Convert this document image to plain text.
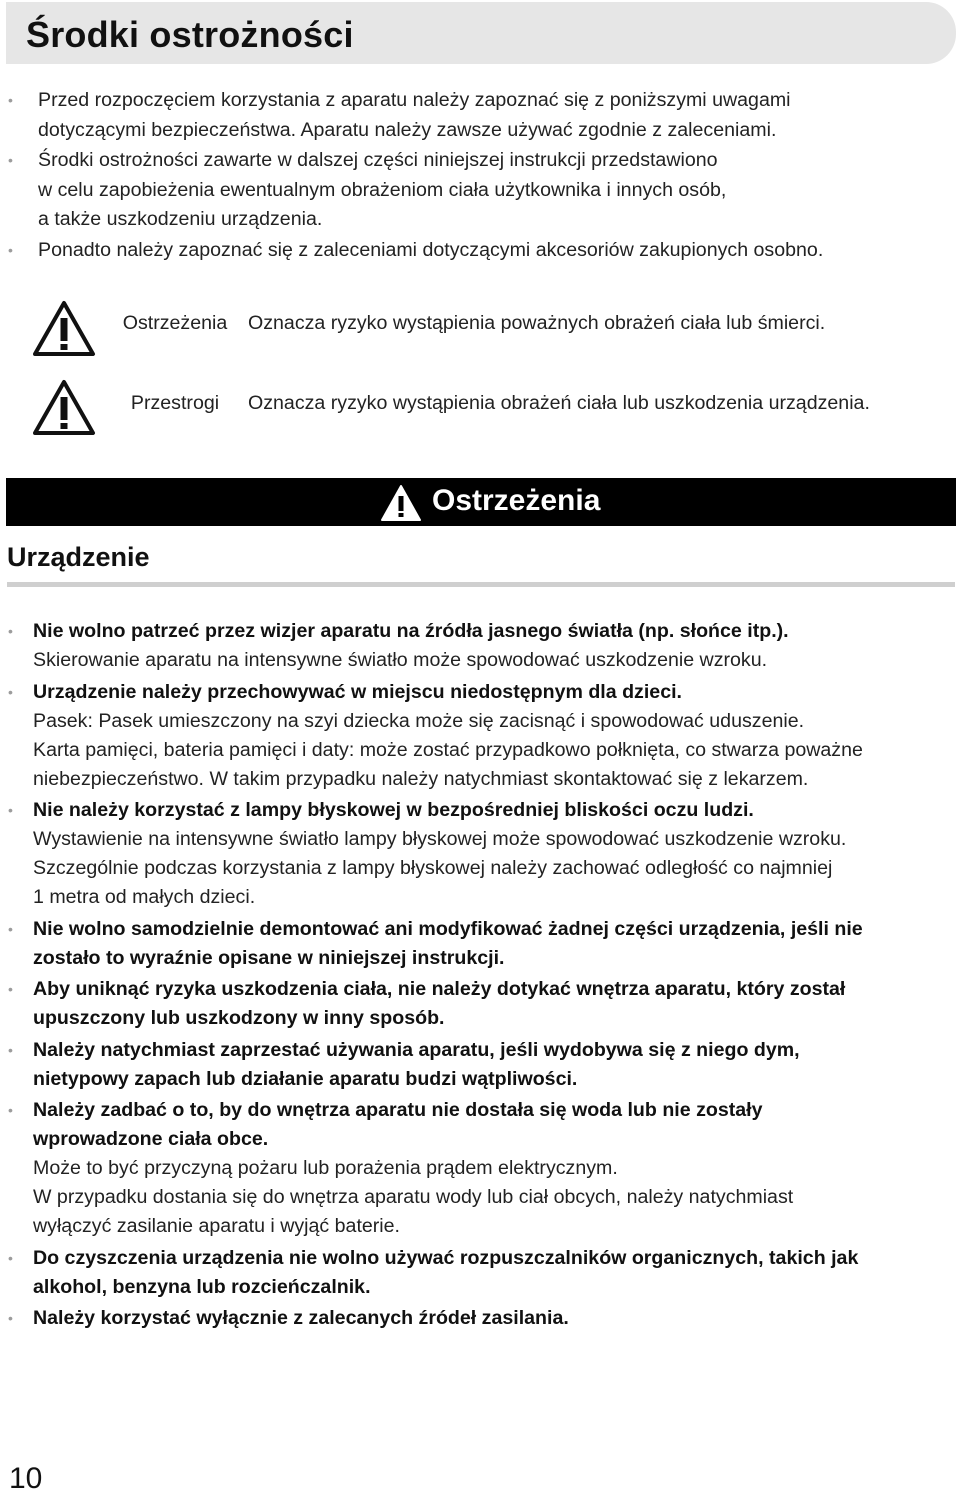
Środki ostrożności
• Przed rozpoczęciem korzystania z aparatu należy zapoznać się z poniższymi uwagami
dotyczącymi bezpieczeństwa. Aparatu należy zawsze używać zgodnie z zaleceniami.
• Środki ostrożności zawarte w dalszej części niniejszej instrukcji przedstawiono
w celu zapobieżenia ewentualnym obrażeniom ciała użytkownika i innych osób,
a także uszkodzeniu urządzenia.
• Ponadto należy zapoznać się z zaleceniami dotyczącymi akcesoriów zakupionych osobno.
Ostrzeżenia	Oznacza ryzyko wystąpienia poważnych obrażeń ciała lub śmierci.
Przestrogi	Oznacza ryzyko wystąpienia obrażeń ciała lub uszkodzenia urządzenia.
Ostrzeżenia
Urządzenie
• Nie wolno patrzeć przez wizjer aparatu na źródła jasnego światła (np. słońce itp.).
Skierowanie aparatu na intensywne światło może spowodować uszkodzenie wzroku.
• Urządzenie należy przechowywać w miejscu niedostępnym dla dzieci.
Pasek: Pasek umieszczony na szyi dziecka może się zacisnąć i spowodować uduszenie.
Karta pamięci, bateria pamięci i daty: może zostać przypadkowo połknięta, co stwarza poważne
niebezpieczeństwo. W takim przypadku należy natychmiast skontaktować się z lekarzem.
• Nie należy korzystać z lampy błyskowej w bezpośredniej bliskości oczu ludzi.
Wystawienie na intensywne światło lampy błyskowej może spowodować uszkodzenie wzroku.
Szczególnie podczas korzystania z lampy błyskowej należy zachować odległość co najmniej
1 metra od małych dzieci.
• Nie wolno samodzielnie demontować ani modyfikować żadnej części urządzenia, jeśli nie
zostało to wyraźnie opisane w niniejszej instrukcji.
• Aby uniknąć ryzyka uszkodzenia ciała, nie należy dotykać wnętrza aparatu, który został
upuszczony lub uszkodzony w inny sposób.
• Należy natychmiast zaprzestać używania aparatu, jeśli wydobywa się z niego dym,
nietypowy zapach lub działanie aparatu budzi wątpliwości.
• Należy zadbać o to, by do wnętrza aparatu nie dostała się woda lub nie zostały
wprowadzone ciała obce.
Może to być przyczyną pożaru lub porażenia prądem elektrycznym.
W przypadku dostania się do wnętrza aparatu wody lub ciał obcych, należy natychmiast
wyłączyć zasilanie aparatu i wyjąć baterie.
• Do czyszczenia urządzenia nie wolno używać rozpuszczalników organicznych, takich jak
alkohol, benzyna lub rozcieńczalnik.
• Należy korzystać wyłącznie z zalecanych źródeł zasilania.
10
